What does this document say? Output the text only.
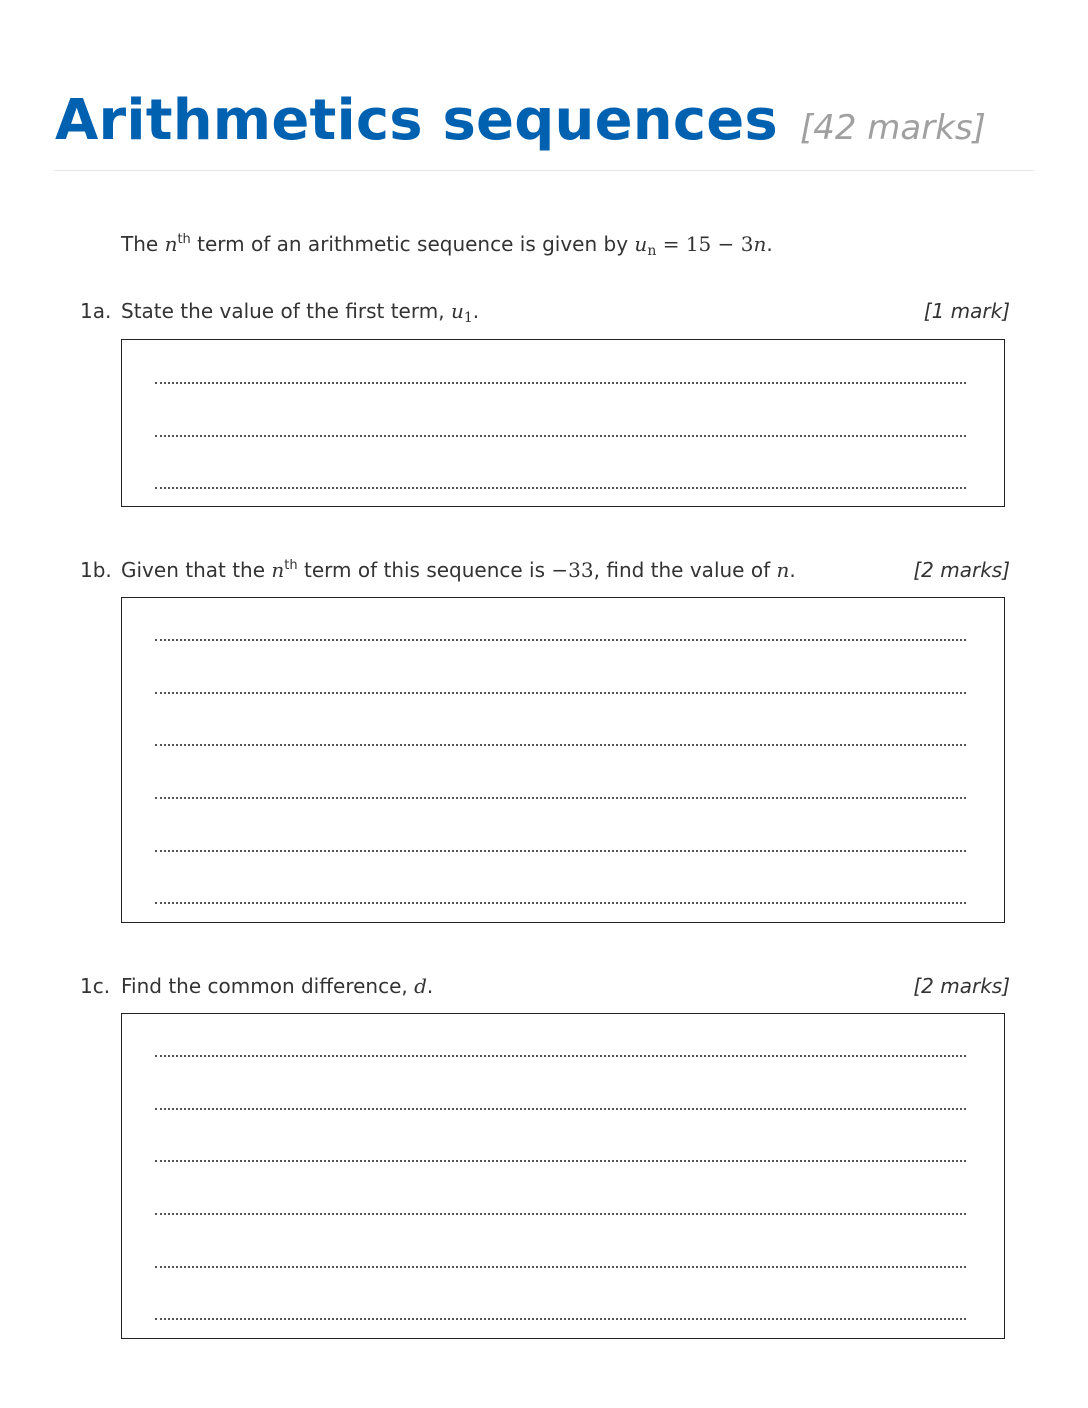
Arithmetics sequences [42 marks]
The $n^{th}$ term of an arithmetic sequence is given by $u_n = 15 - 3n$.
1a. State the value of the first term, $u_1$.	[1 mark]
1b. Given that the $n^{th}$ term of this sequence is −33, find the value of n.	[2 marks]
1c. Find the common difference, d.	[2 marks]
